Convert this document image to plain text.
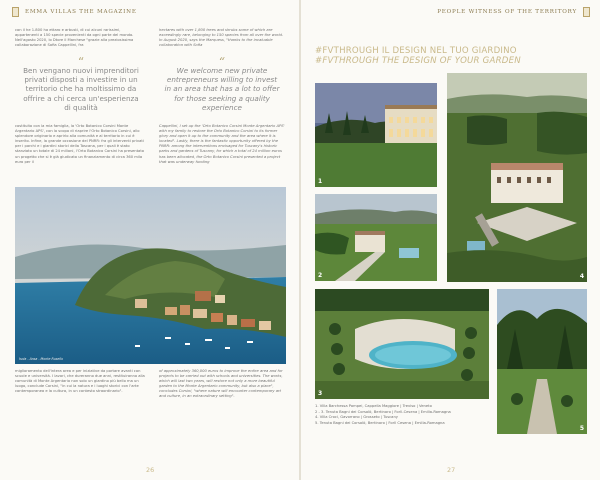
EMMA VILLAS THE MAGAZINE

con il he 1.800 ha ettaro e arbusti, di cui alcuni rarissimi, appartenenti a 150 specie provenienti da ogni parte del mondo. Nell'agosto 2020, lo Dtore il Marchese "grazie alla preziosissima collaborazione di Sofia Cappellini, fra

hectares with over 1,800 trees and shrubs some of which are exceedingly rare, belonging to 150 species from all over the world. In August 2020, says the Marquess, "thanks to the invaluable collaboration with Sofia

“
Ben vengano nuovi imprenditori privati disposti a investire in un territorio che ha moltissimo da offrire a chi cerca un'esperienza di qualità
“
We welcome new private entrepreneurs willing to invest in an area that has a lot to offer for those seeking a quality experience

costituito con la mia famiglia, la 'Orto Botanico Corsini Monte Argentario APS', con lo scopo di riaprire l'Orto Botanico Corsini, allo splendore originario e aprirlo alla comunità e al territorio in cui è inserito. Infine, la grande occasione del PNRR: fra gli interventi privati per i parchi e i giardini storici della Toscana, per i quali è stato stanziato un totale di 24 milioni, l'Orto Botanico Corsini ha presentato un progetto che si è già giudicato un finanziamento di circa 360 mila euro per il

Cappellini, I set up the 'Orto Botanico Corsini Monte Argentario APS' with my family to restore the Orto Botanico Corsini to its former glory and open it up to the community and the area where it is located". Lastly, there is the fantastic opportunity offered by the PNRR: among the interventions envisaged for Tuscany's historic parks and gardens of Tuscany, for which a total of 24 million euros has been allocated, the Orto Botanico Corsini presented a project that was underway funding

Isola - Ansa - Monte Rusello

miglioramento dell'intera area e per iniziative da portare avanti con scuole e università. I lavori, che dureranno due anni, restituiranno alla comunità di Monte Argentario non solo un giardino più bello ma un luogo, conclude Corsini, "in cui la natura e i luoghi storici con l'arte contemporanea e la cultura, in un contesto straordinario".

of approximately 360,000 euros to improve the entire area and for projects to be carried out with schools and universities. The works, which will last two years, will restore not only a more beautiful garden to the Monte Argentario community, but also a place", concludes Corsini, "where nature will encounter contemporary art and culture, in an extraordinary setting".

26
PEOPLE WITNESS OF THE TERRITORY
#FVTHROUGH IL DESIGN NEL TUO GIARDINO
#FVTHROUGH THE DESIGN OF YOUR GARDEN
1
4
2
3
5
1. Villa Barchessa Pompei, Cappella Maggiore | Treviso | Veneto
2 - 3. Tenuta Bagni dei Corsolò, Bertinoro | Forlì-Cesena | Emilia-Romagna
4. Villa Croci, Gavorrano | Grosseto | Tuscany
5. Tenuta Bagni dei Corsolò, Bertinoro | Forlì Cesena | Emilia-Romagna
27
